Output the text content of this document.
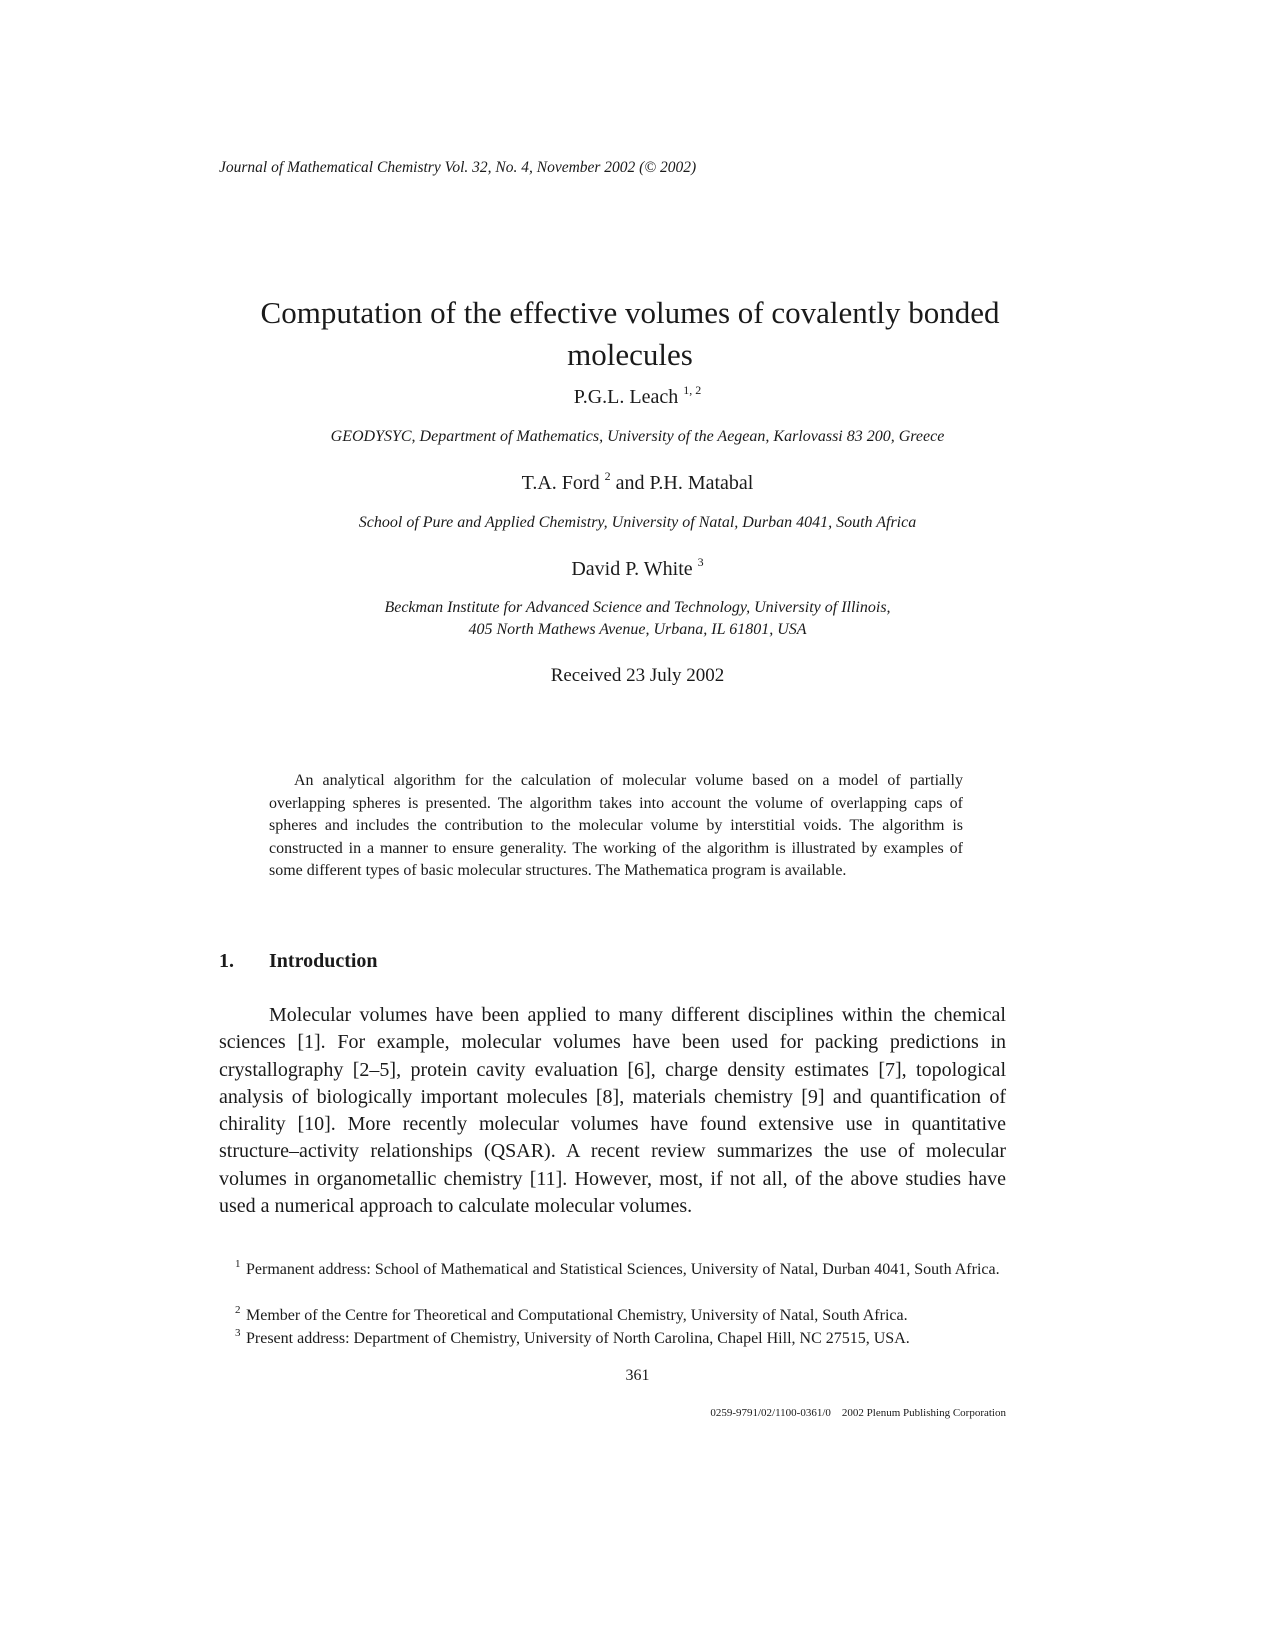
Journal of Mathematical Chemistry Vol. 32, No. 4, November 2002 (© 2002)
Computation of the effective volumes of covalently bonded
molecules
P.G.L. Leach $^{1, 2}$
GEODYSYC, Department of Mathematics, University of the Aegean, Karlovassi 83 200, Greece
T.A. Ford $^2$ and P.H. Matabal
School of Pure and Applied Chemistry, University of Natal, Durban 4041, South Africa
David P. White $^3$
Beckman Institute for Advanced Science and Technology, University of Illinois,
405 North Mathews Avenue, Urbana, IL 61801, USA
Received 23 July 2002
An analytical algorithm for the calculation of molecular volume based on a model of partially overlapping spheres is presented. The algorithm takes into account the volume of overlapping caps of spheres and includes the contribution to the molecular volume by interstitial voids. The algorithm is constructed in a manner to ensure generality. The working of the algorithm is illustrated by examples of some different types of basic molecular structures. The Mathematica program is available.
1. Introduction
Molecular volumes have been applied to many different disciplines within the chemical sciences [1]. For example, molecular volumes have been used for packing predictions in crystallography [2–5], protein cavity evaluation [6], charge density estimates [7], topological analysis of biologically important molecules [8], materials chemistry [9] and quantification of chirality [10]. More recently molecular volumes have found extensive use in quantitative structure–activity relationships (QSAR). A recent review summarizes the use of molecular volumes in organometallic chemistry [11]. However, most, if not all, of the above studies have used a numerical approach to calculate molecular volumes.
1 Permanent address: School of Mathematical and Statistical Sciences, University of Natal, Durban 4041, South Africa.
2 Member of the Centre for Theoretical and Computational Chemistry, University of Natal, South Africa.
3 Present address: Department of Chemistry, University of North Carolina, Chapel Hill, NC 27515, USA.
361
0259-9791/02/1100-0361/0    2002 Plenum Publishing Corporation
